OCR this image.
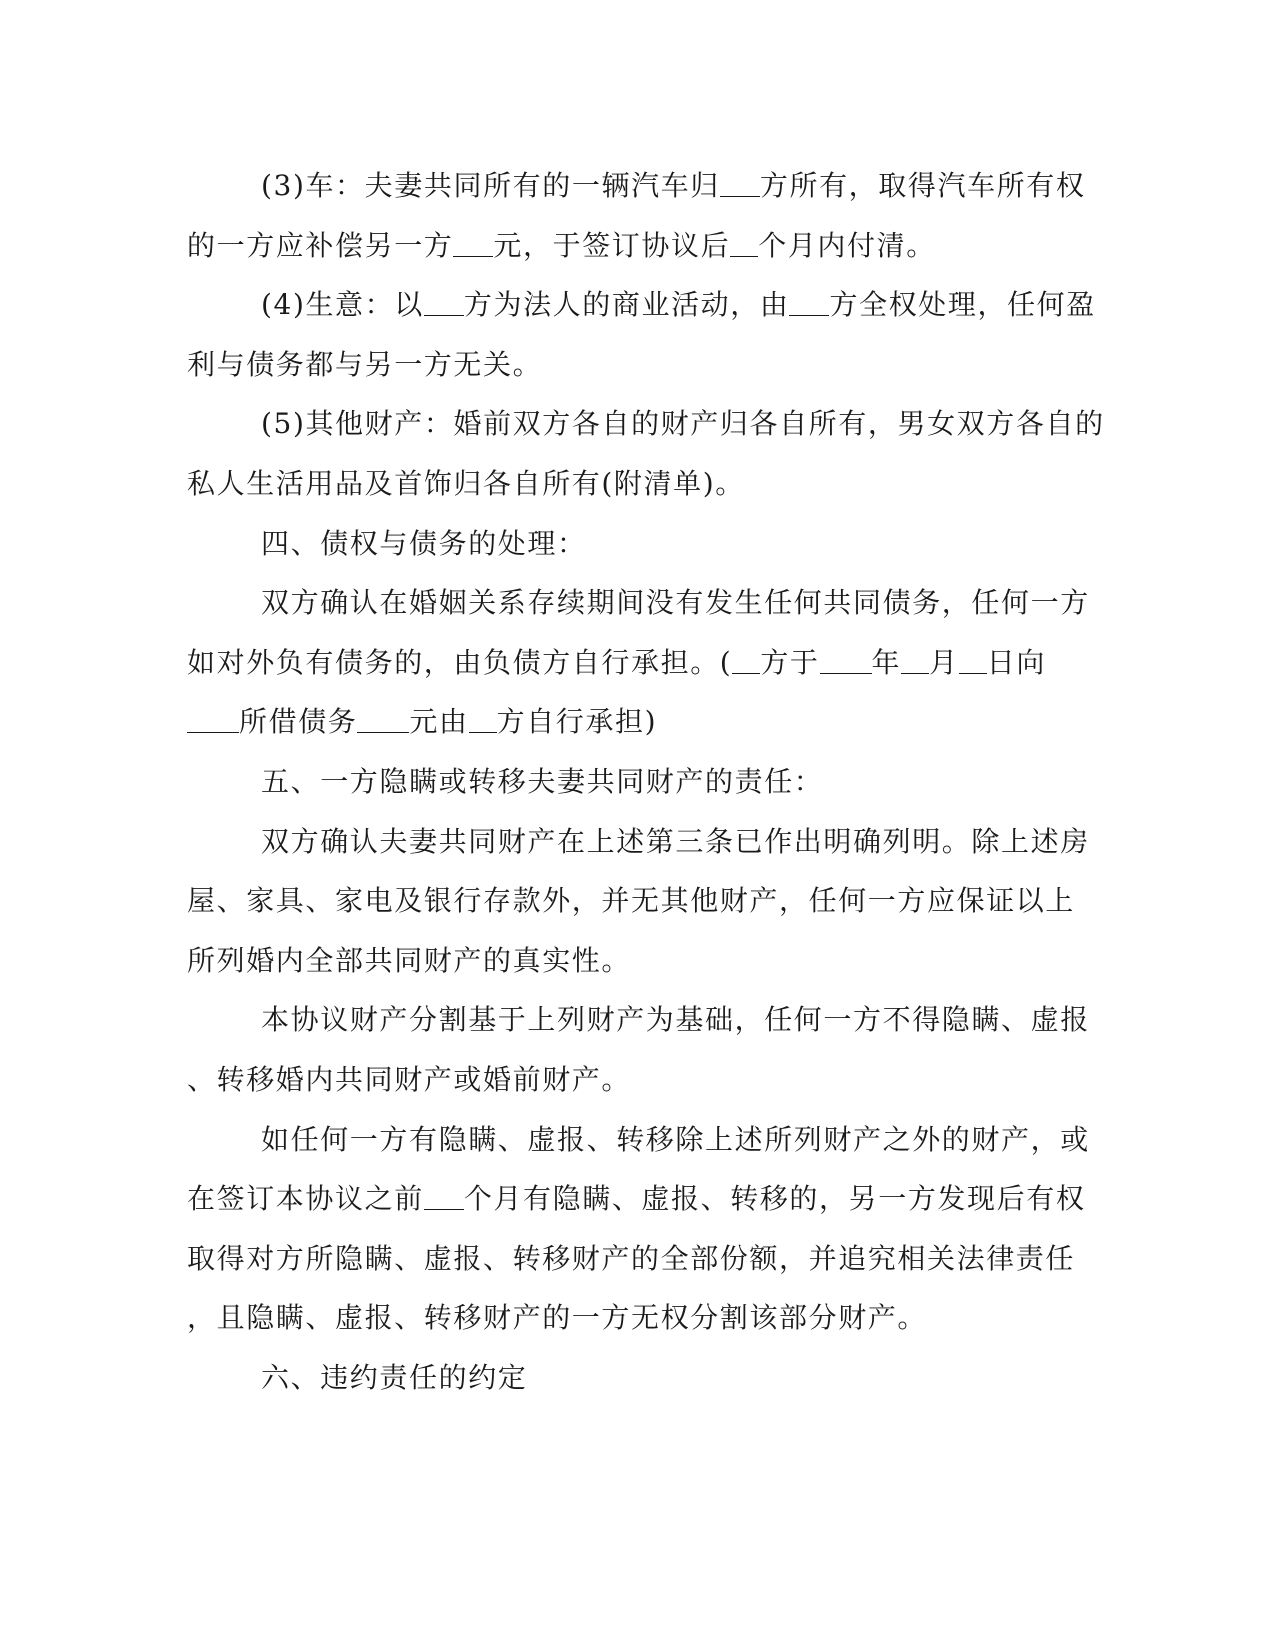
(3)车：夫妻共同所有的一辆汽车归 方所有，取得汽车所有权
的一方应补偿另一方 元，于签订协议后 个月内付清。
(4)生意：以 方为法人的商业活动，由 方全权处理，任何盈
利与债务都与另一方无关。
(5)其他财产：婚前双方各自的财产归各自所有，男女双方各自的
私人生活用品及首饰归各自所有(附清单)。
四、债权与债务的处理：
双方确认在婚姻关系存续期间没有发生任何共同债务，任何一方
如对外负有债务的，由负债方自行承担。( 方于 年 月 日向
所借债务 元由 方自行承担)
五、一方隐瞒或转移夫妻共同财产的责任：
双方确认夫妻共同财产在上述第三条已作出明确列明。除上述房
屋、家具、家电及银行存款外，并无其他财产，任何一方应保证以上
所列婚内全部共同财产的真实性。
本协议财产分割基于上列财产为基础，任何一方不得隐瞒、虚报
、转移婚内共同财产或婚前财产。
如任何一方有隐瞒、虚报、转移除上述所列财产之外的财产，或
在签订本协议之前 个月有隐瞒、虚报、转移的，另一方发现后有权
取得对方所隐瞒、虚报、转移财产的全部份额，并追究相关法律责任
，且隐瞒、虚报、转移财产的一方无权分割该部分财产。
六、违约责任的约定
